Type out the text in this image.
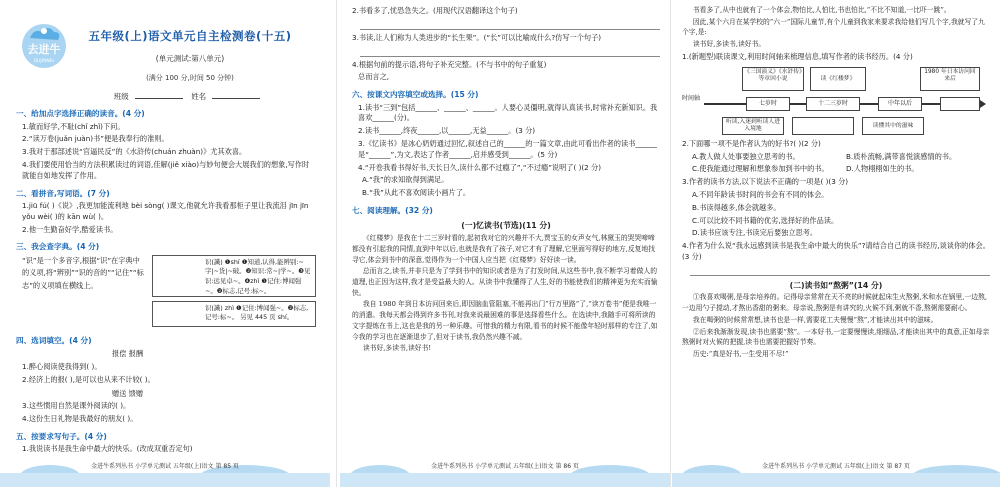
去进牛
QUJINNIU
五年级(上)语文单元自主检测卷(十五)
(单元测试:第八单元)
(满分 100 分,时间 50 分钟)
班级	姓名
一、给加点字选择正确的读音。(4 分)
1.敏而好学,不耻(chǐ zhǐ)下问。
2.“读万卷(juǎn juàn)书”便是我奉行的准则。
3.我对于那部述说“官逼民反”的《水浒传(chuán zhuàn)》尤其欢喜。
4.我们要使用恰当的方法积累读过的词语,佳解(jiě xiào)与妙句便会大展我们的想象,写作时就能自如地发挥了作用。
二、看拼音,写词语。(7 分)
1.jiū fú( )《说》,我更加能流利地 bèi sòng( )课文,他就允许我看那柜子里让我流泪 jīn jīn yǒu wèi( )的 kān wù( )。
2.他一生勤奋好学,酷爱读书。
三、我会查字典。(4 分)
“识”是一个多音字,根据“识”在字典中的义项,将“辨别”“识的音的”“记住”“标志”的义项填在横线上。
识(識) ❶shí ❶知道,认得,能辨别:~字|~货|~破。❷知识:常~|学~。❸见识:远见卓~。❹zhì ❶记住:博闻强~。❷标志,记号:标~。
识(識) zhì ❶记住:博闻强~。❷标志,记号:标~。 另见 445 页 shí。
四、选词填空。(4 分)
报偿 报酬
1.醉心阅读使我得到( )。
2.经济上的报( ),是可以也从来不计较( )。
赠送 馈赠
3.这些惯用自然是课外阅读的( )。
4.这份生日礼物是我最好的朋友( )。
五、按要求写句子。(4 分)
1.我说读书是我生命中最大的快乐。(改成双重否定句)
金进牛系列丛书 小学单元测试 五年级(上)语文 第 85 页
2.书看多了,忧恐急失之。(用现代汉语翻译这个句子)
3.书读,让人们称为人类进步的“长生果”。(“长”可以比喻成什么?仿写一个句子)
4.根据句前的提示语,将句子补充完整。(不与书中的句子重复)
总而言之,
六、按课文内容填空或选择。(15 分)
1.读书“三到”包括______、______、______。人要心灵僵明,就得认真读书,时常补充新知识。我喜欢______(分)。
2.读书______,终夜______,以______,无益______。(3 分)
3.《忆读书》是冰心奶奶通过回忆,叙述自己的______的一篇文章,由此可看出作者的读书______是“______”,为文,表达了作者______,启并感受到______。(5 分)
4.“开卷我看书得好书,天长日久,读什么都不过瘾了”,“不过瘾”说明了( )(2 分)
A.“我”的求知欲得到满足。
B.“我”从此不喜欢阅读小画片了。
七、阅读理解。(32 分)
(一)忆读书(节选)(11 分)
《红楼梦》是我在十二三岁时看的,起初我对它的兴趣并不大,贾宝玉的女声女气,林黛玉的哭哭啼啼都没有引起我的同情,直到中年以后,也就是我有了孩子,对它才有了理解,它里面写得好的地方,反复地找寻它,体会到书中的深意,觉得作为一个中国人应当把《红楼梦》好好读一读。
总而言之,读书,并非只是为了学到书中的知识或者是为了打发时间,从这些书中,我不断学习着做人的道理,也正因为这样,我才是受益最大的人。从读书中我懂得了人生,好的书能使我们的精神更为充实而愉快。
我自 1980 年到日本访问回来后,即因脑血管阻塞,不能再出门“行万里路”了,“读万卷书”便是我唯一的消遣。我每天都会得到许多书刊,对我来说最困难的事是选择看些什么。在选读中,我随手可将所读的文字提炼在书上,这也是我的另一种乐趣。可惜我的精力有限,看书的时候不能像年轻时那样的专注了,如今我的学习也在逐渐退步了,但对于读书,我仍然兴趣不减。
读书好,多读书,读好书!
金进牛系列丛书 小学单元测试 五年级(上)语文 第 86 页
书看多了,从中也就有了一个体会,物怕比,人怕比,书也怕比,“不比不知道,一比吓一跳”。
因此,某个六月在某学校的“六一”国际儿童节,有个儿童到我家来要求我给他们写几个字,我就写了九个字,是:
读书好,多读书,读好书。
1.(新题型)联读课文,利用时间轴来梳理信息,填写作者的读书经历。(4 分)
时间轴
《三国演义》《水浒传》等章回小说	读《红楼梦》
1980 年日本访问回来后
七岁时	十二三岁时	中年以后
听读,入迷到听读人进入境地
读懂其中的滋味
2.下面哪一项不是作者认为的好书?( )(2 分)
A.教人做人处事要独立思考的书。	B.质朴流畅,满带喜悦演感情的书。
C.使我能通过理解和想象参加到书中的书。	D.人物栩栩如生的书。
3.作者的读书方法,以下说法不正确的一项是( )(3 分)
A.不同年龄读书时间的书会有不同的体会。
B.书读得越多,体会就越多。
C.可以比较不同书籍的优劣,选择好的作品读。
D.读书应该专注,书读完后要独立思考。
4.作者为什么说“我永远感到读书是我生命中最大的快乐”?请结合自己的读书经历,谈谈你的体会。(3 分)
(二)读书如“熬粥”(14 分)
①我喜欢喝粥,是母亲培养的。记得母亲常常在天不亮的时候就起床生火熬粥,米和水在锅里,一边熬,一边用勺子搅动,才熬出香甜的粥来。母亲说,熬粥是有讲究的,火候不到,粥就不香,熬粥需要耐心。
我在喝粥的时候常常想,读书也是一样,需要花工夫慢慢“熬”,才能读出其中的滋味。
②后来我渐渐发现,读书也需要“熬”。一本好书,一定要慢慢读,细细品,才能读出其中的真意,正如母亲熬粥时对火候的把握,读书也需要把握好节奏。
历史:“真是好书,一生受用不尽!”
金进牛系列丛书 小学单元测试 五年级(上)语文 第 87 页
